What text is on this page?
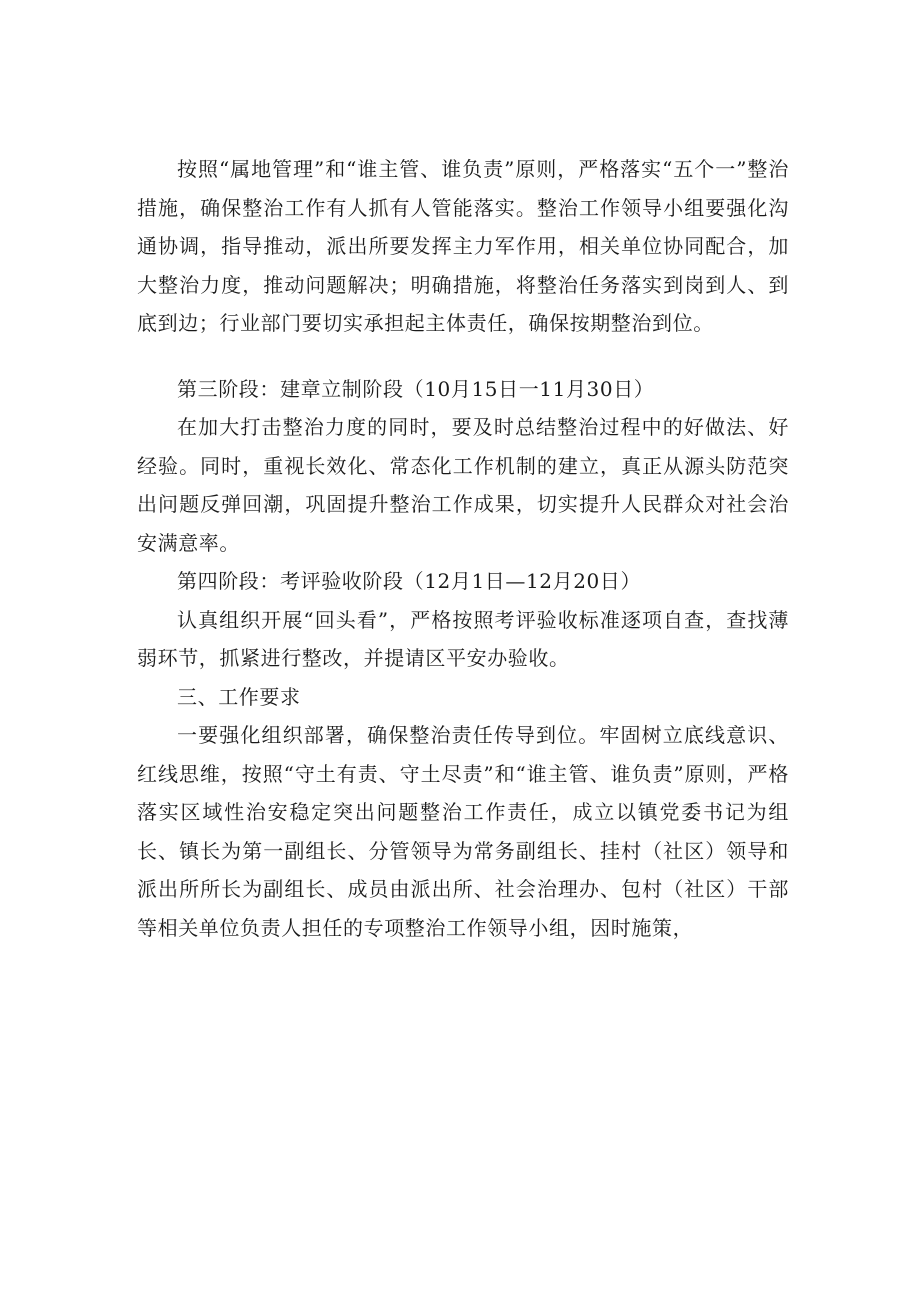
按照“属地管理”和“谁主管、谁负责”原则，严格落实“五个一”整治措施，确保整治工作有人抓有人管能落实。整治工作领导小组要强化沟通协调，指导推动，派出所要发挥主力军作用，相关单位协同配合，加大整治力度，推动问题解决；明确措施，将整治任务落实到岗到人、到底到边；行业部门要切实承担起主体责任，确保按期整治到位。

第三阶段：建章立制阶段（10月15日一11月30日）

在加大打击整治力度的同时，要及时总结整治过程中的好做法、好经验。同时，重视长效化、常态化工作机制的建立，真正从源头防范突出问题反弹回潮，巩固提升整治工作成果，切实提升人民群众对社会治安满意率。

第四阶段：考评验收阶段（12月1日—12月20日）

认真组织开展“回头看”，严格按照考评验收标准逐项自查，查找薄弱环节，抓紧进行整改，并提请区平安办验收。

三、工作要求

一要强化组织部署，确保整治责任传导到位。牢固树立底线意识、红线思维，按照“守土有责、守土尽责”和“谁主管、谁负责”原则，严格落实区域性治安稳定突出问题整治工作责任，成立以镇党委书记为组长、镇长为第一副组长、分管领导为常务副组长、挂村（社区）领导和派出所所长为副组长、成员由派出所、社会治理办、包村（社区）干部等相关单位负责人担任的专项整治工作领导小组，因时施策，
